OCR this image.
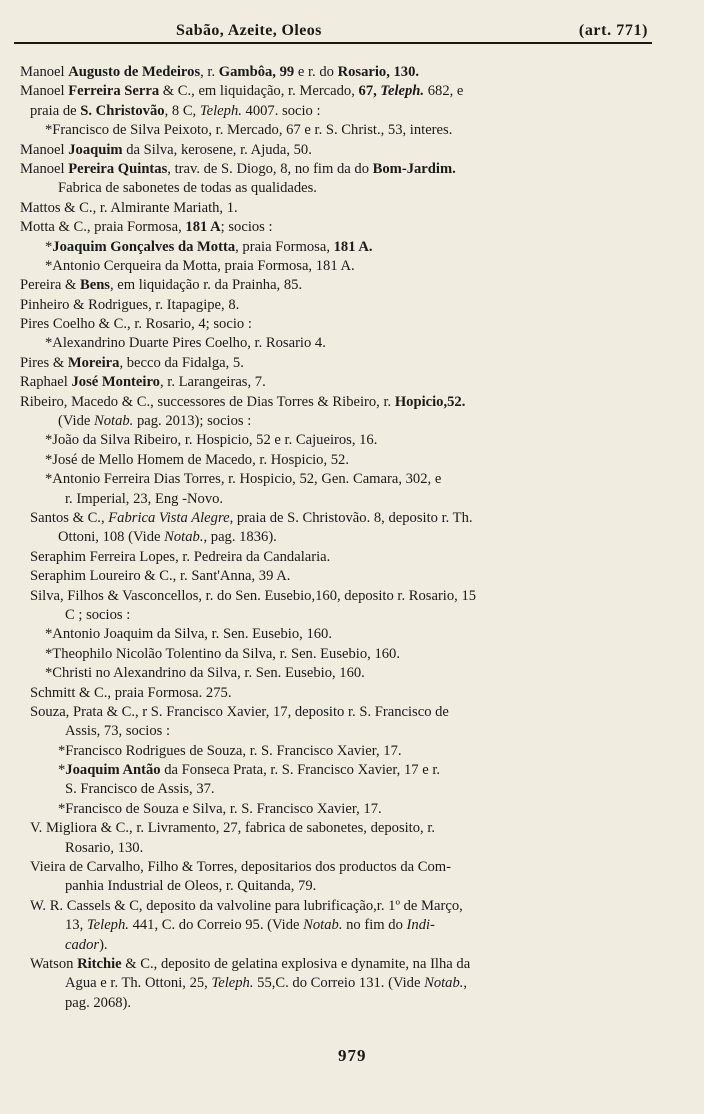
Sabão, Azeite, Oleos	(art. 771)
Manoel Augusto de Medeiros, r. Gambôa, 99 e r. do Rosario, 130.
Manoel Ferreira Serra & C., em liquidação, r. Mercado, 67, Teleph. 682, e
praia de S. Christovão, 8 C, Teleph. 4007. socio :
*Francisco de Silva Peixoto, r. Mercado, 67 e r. S. Christ., 53, interes.
Manoel Joaquim da Silva, kerosene, r. Ajuda, 50.
Manoel Pereira Quintas, trav. de S. Diogo, 8, no fim da do Bom-Jardim.
Fabrica de sabonetes de todas as qualidades.
Mattos & C., r. Almirante Mariath, 1.
Motta & C., praia Formosa, 181 A; socios :
*Joaquim Gonçalves da Motta, praia Formosa, 181 A.
*Antonio Cerqueira da Motta, praia Formosa, 181 A.
Pereira & Bens, em liquidação r. da Prainha, 85.
Pinheiro & Rodrigues, r. Itapagipe, 8.
Pires Coelho & C., r. Rosario, 4; socio :
*Alexandrino Duarte Pires Coelho, r. Rosario 4.
Pires & Moreira, becco da Fidalga, 5.
Raphael José Monteiro, r. Larangeiras, 7.
Ribeiro, Macedo & C., successores de Dias Torres & Ribeiro, r. Hopicio,52.
(Vide Notab. pag. 2013); socios :
*João da Silva Ribeiro, r. Hospicio, 52 e r. Cajueiros, 16.
*José de Mello Homem de Macedo, r. Hospicio, 52.
*Antonio Ferreira Dias Torres, r. Hospicio, 52, Gen. Camara, 302, e
r. Imperial, 23, Eng -Novo.
Santos & C., Fabrica Vista Alegre, praia de S. Christovão. 8, deposito r. Th.
Ottoni, 108 (Vide Notab., pag. 1836).
Seraphim Ferreira Lopes, r. Pedreira da Candalaria.
Seraphim Loureiro & C., r. Sant'Anna, 39 A.
Silva, Filhos & Vasconcellos, r. do Sen. Eusebio,160, deposito r. Rosario, 15
C ; socios :
*Antonio Joaquim da Silva, r. Sen. Eusebio, 160.
*Theophilo Nicolão Tolentino da Silva, r. Sen. Eusebio, 160.
*Christi no Alexandrino da Silva, r. Sen. Eusebio, 160.
Schmitt & C., praia Formosa. 275.
Souza, Prata & C., r S. Francisco Xavier, 17, deposito r. S. Francisco de
Assis, 73, socios :
*Francisco Rodrigues de Souza, r. S. Francisco Xavier, 17.
*Joaquim Antão da Fonseca Prata, r. S. Francisco Xavier, 17 e r.
S. Francisco de Assis, 37.
*Francisco de Souza e Silva, r. S. Francisco Xavier, 17.
V. Migliora & C., r. Livramento, 27, fabrica de sabonetes, deposito, r.
Rosario, 130.
Vieira de Carvalho, Filho & Torres, depositarios dos productos da Com-
panhia Industrial de Oleos, r. Quitanda, 79.
W. R. Cassels & C, deposito da valvoline para lubrificação,r. 1º de Março,
13, Teleph. 441, C. do Correio 95. (Vide Notab. no fim do Indi-
cador).
Watson Ritchie & C., deposito de gelatina explosiva e dynamite, na Ilha da
Agua e r. Th. Ottoni, 25, Teleph. 55,C. do Correio 131. (Vide Notab.,
pag. 2068).
979
